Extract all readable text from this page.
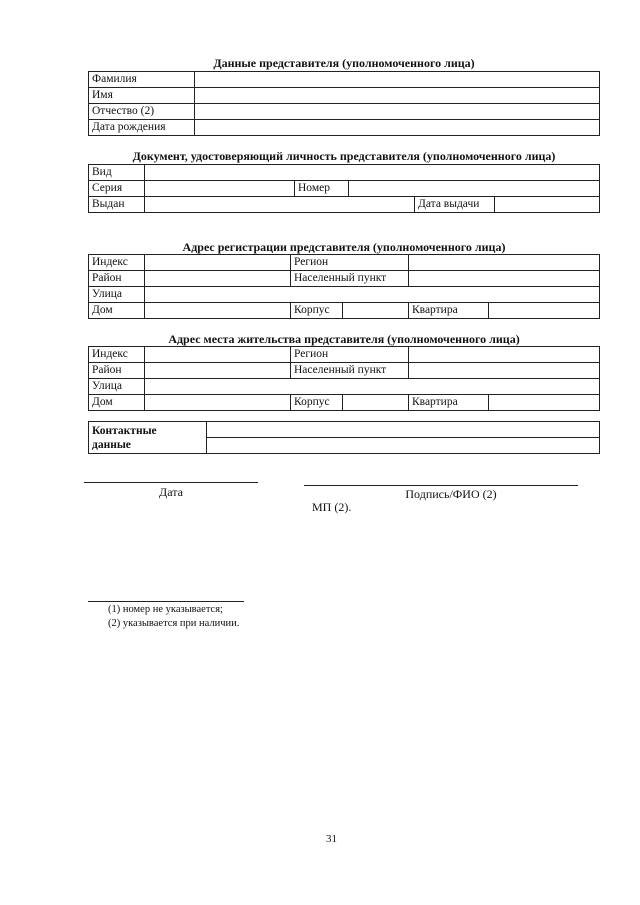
Данные представителя (уполномоченного лица)
Фамилия	
Имя	
Отчество (2)	
Дата рождения	
Документ, удостоверяющий личность представителя (уполномоченного лица)
Вид					
Серия		Номер			
Выдан				Дата выдачи	
Адрес регистрации представителя (уполномоченного лица)
Индекс		Регион			
Район		Населенный пункт			
Улица					
Дом		Корпус		Квартира	
Адрес места жительства представителя (уполномоченного лица)
Индекс		Регион			
Район		Населенный пункт			
Улица					
Дом		Корпус		Квартира	
Контактные
данные	

Дата	Подпись/ФИО (2)
МП (2).
(1) номер не указывается;
(2) указывается при наличии.
31
